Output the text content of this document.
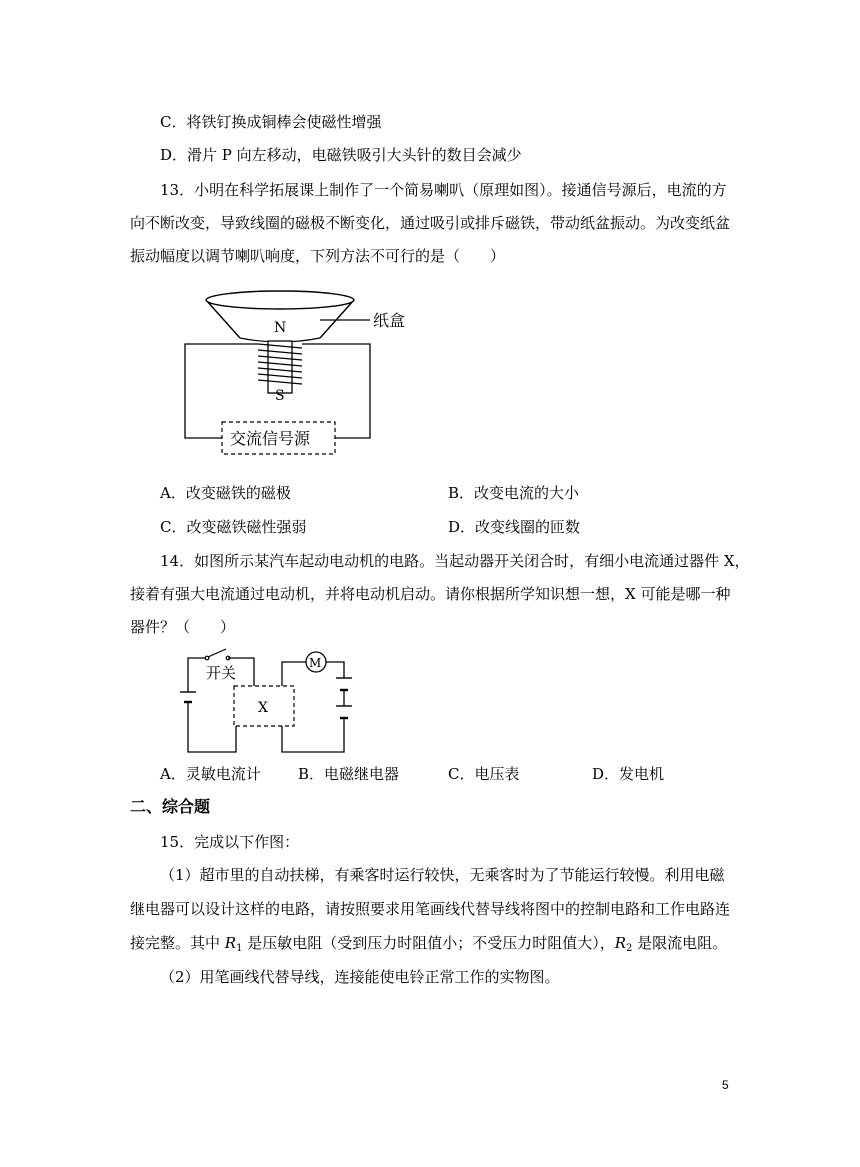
C．将铁钉换成铜棒会使磁性增强
D．滑片 P 向左移动，电磁铁吸引大头针的数目会减少
13．小明在科学拓展课上制作了一个简易喇叭（原理如图）。接通信号源后，电流的方
向不断改变，导致线圈的磁极不断变化，通过吸引或排斥磁铁，带动纸盆振动。为改变纸盆
振动幅度以调节喇叭响度，下列方法不可行的是（　　）
纸盒
N
S
交流信号源
A．改变磁铁的磁极	B．改变电流的大小
C．改变磁铁磁性强弱	D．改变线圈的匝数
14．如图所示某汽车起动电动机的电路。当起动器开关闭合时，有细小电流通过器件 X，
接着有强大电流通过电动机，并将电动机启动。请你根据所学知识想一想，X 可能是哪一种
器件？（　　）
开关
X
M
A．灵敏电流计 B．电磁继电器	C．电压表	D．发电机
二、综合题
15．完成以下作图：
（1）超市里的自动扶梯，有乘客时运行较快，无乘客时为了节能运行较慢。利用电磁
继电器可以设计这样的电路，请按照要求用笔画线代替导线将图中的控制电路和工作电路连
接完整。其中 $R_1$ 是压敏电阻（受到压力时阻值小；不受压力时阻值大），$R_2$ 是限流电阻。
（2）用笔画线代替导线，连接能使电铃正常工作的实物图。
5
